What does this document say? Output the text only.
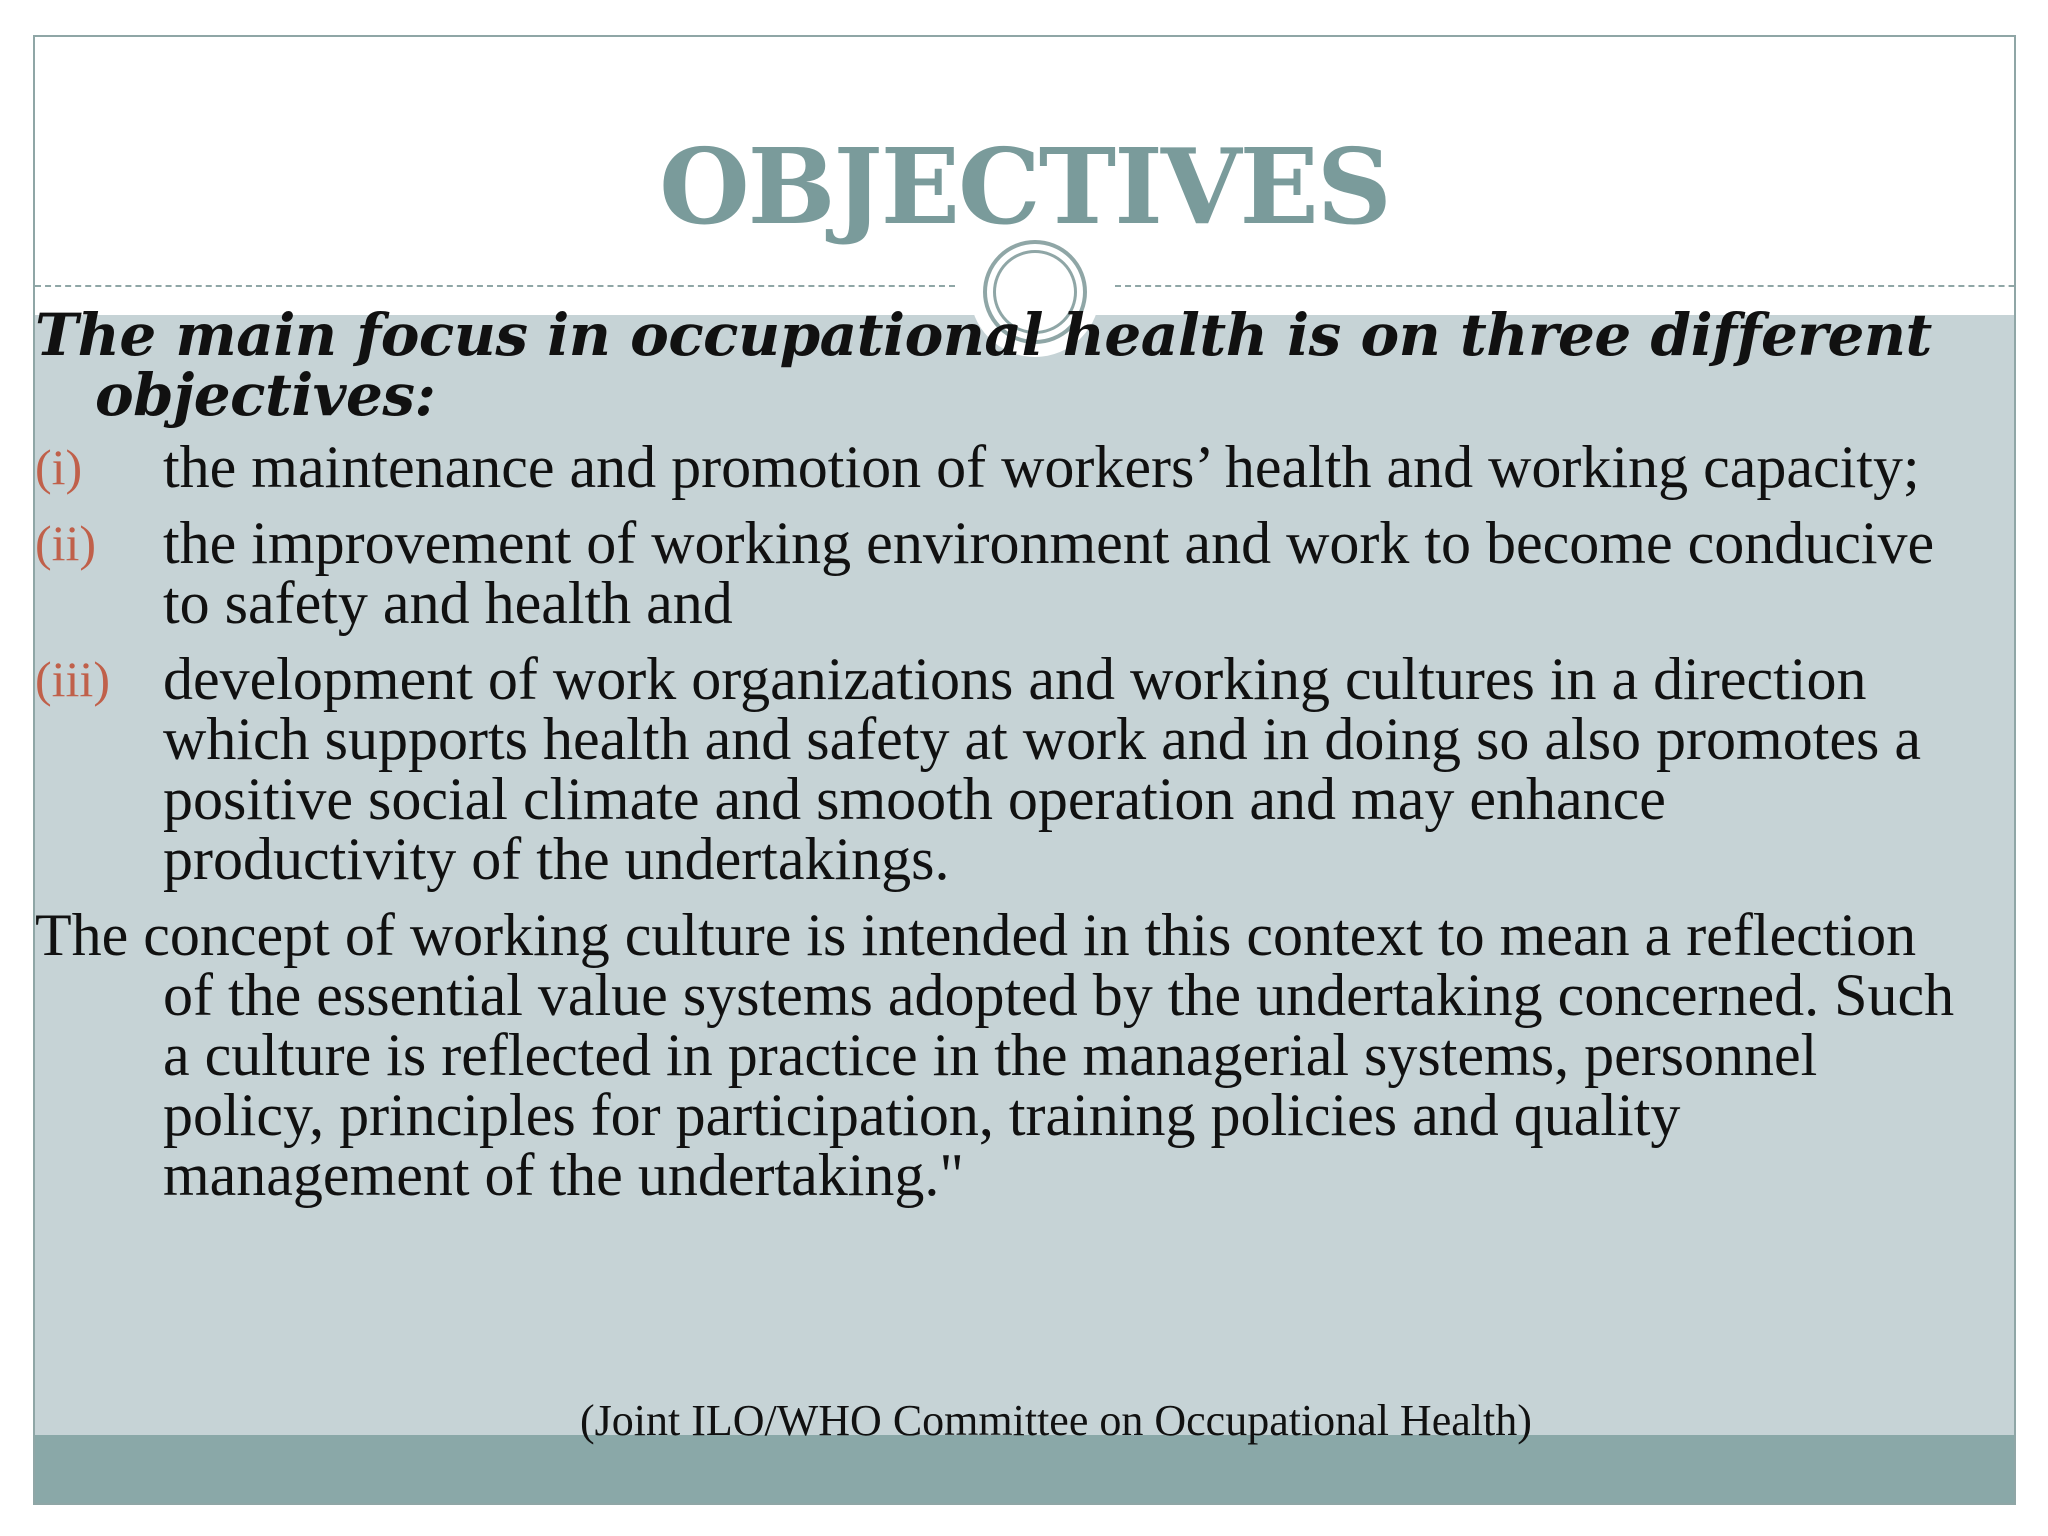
OBJECTIVES

The main focus in occupational health is on three different objectives:

(i) the maintenance and promotion of workers’ health and working capacity;
(ii) the improvement of working environment and work to become conducive to safety and health and
(iii) development of work organizations and working cultures in a direction which supports health and safety at work and in doing so also promotes a positive social climate and smooth operation and may enhance productivity of the undertakings.

The concept of working culture is intended in this context to mean a reflection of the essential value systems adopted by the undertaking concerned. Such a culture is reflected in practice in the managerial systems, personnel policy, principles for participation, training policies and quality management of the undertaking."

(Joint ILO/WHO Committee on Occupational Health)
